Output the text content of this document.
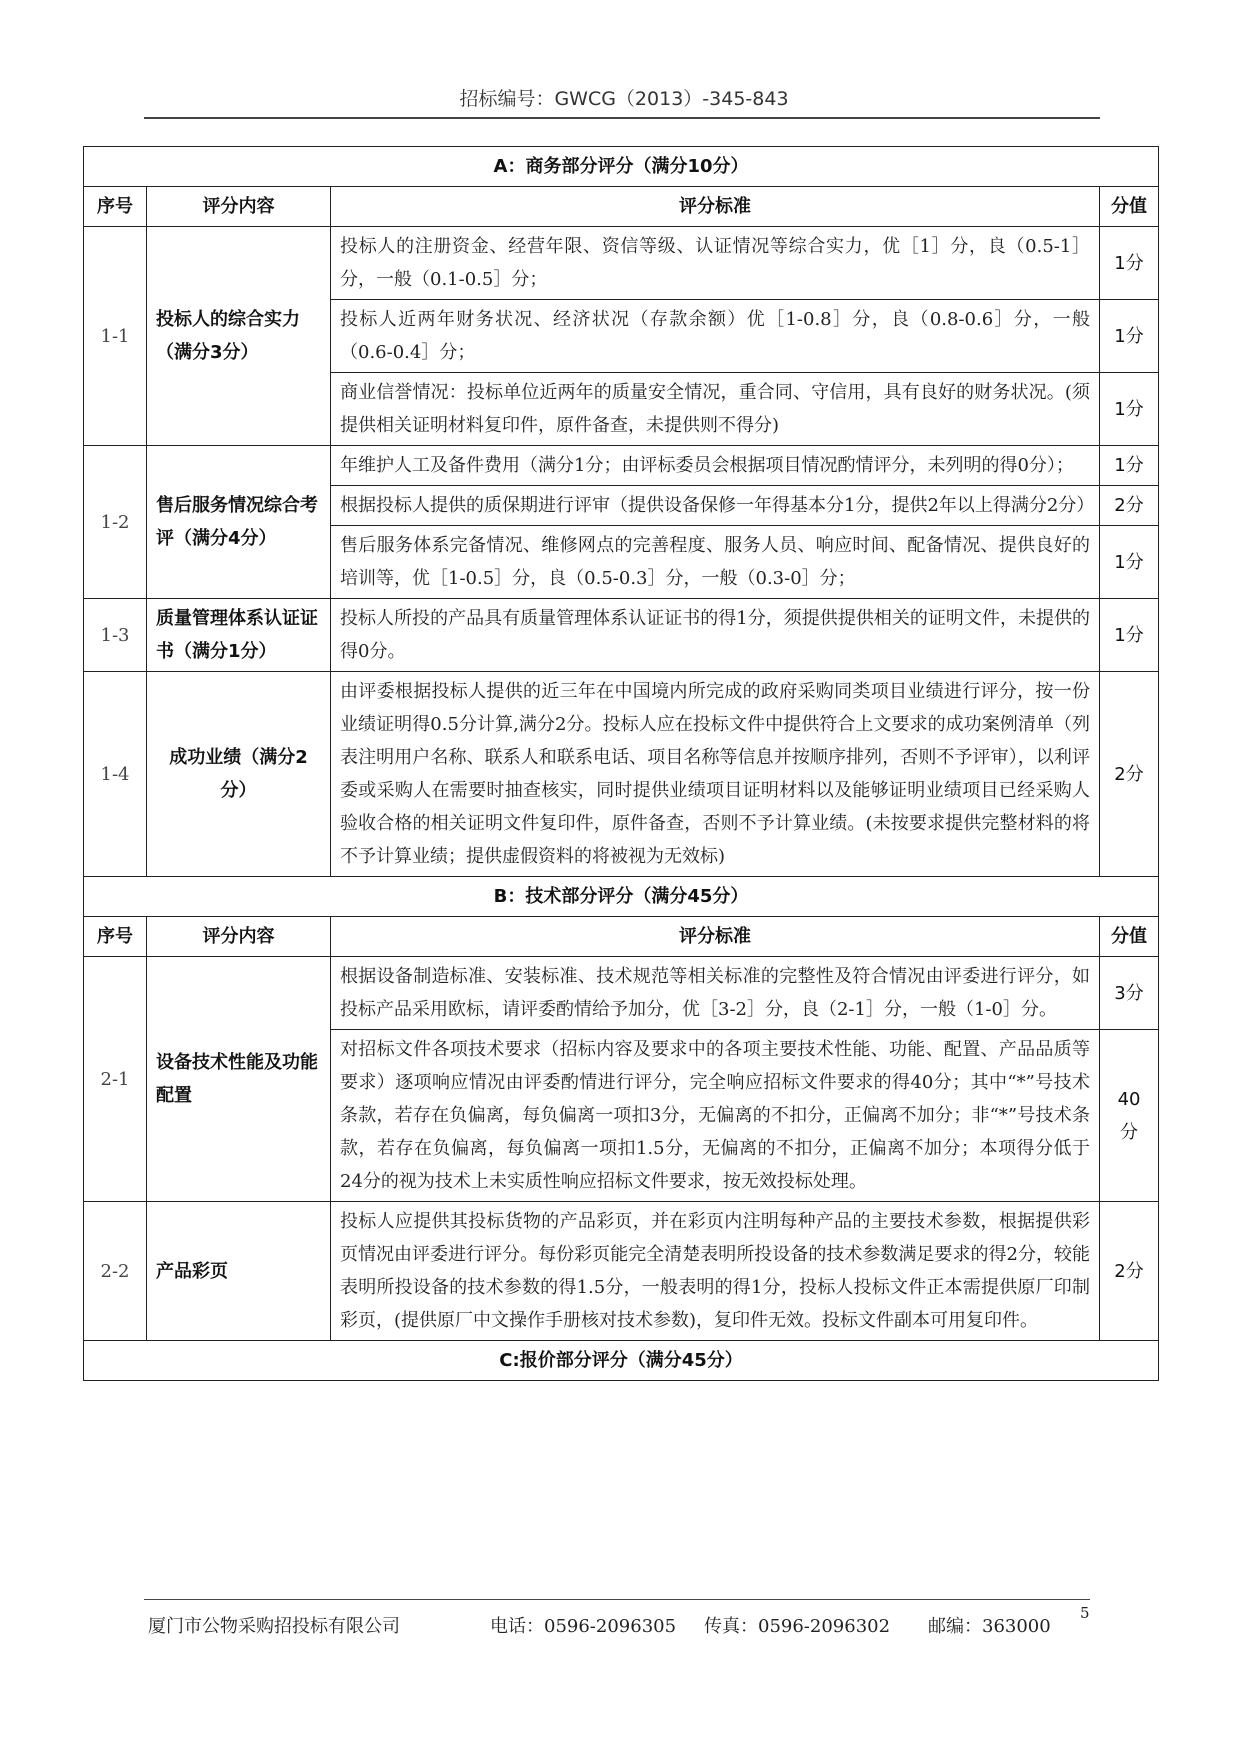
招标编号：GWCG（2013）-345-843
A：商务部分评分（满分10分）			
序号	评分内容	评分标准	分值
1-1	投标人的综合实力（满分3分）	投标人的注册资金、经营年限、资信等级、认证情况等综合实力，优［1］分，良（0.5-1］分，一般（0.1-0.5］分；	1分
		投标人近两年财务状况、经济状况（存款余额）优［1-0.8］分，良（0.8-0.6］分，一般（0.6-0.4］分；	1分
		商业信誉情况：投标单位近两年的质量安全情况，重合同、守信用，具有良好的财务状况。(须提供相关证明材料复印件，原件备查，未提供则不得分)	1分
1-2	售后服务情况综合考评（满分4分）	年维护人工及备件费用（满分1分；由评标委员会根据项目情况酌情评分，未列明的得0分）；	1分
		根据投标人提供的质保期进行评审（提供设备保修一年得基本分1分，提供2年以上得满分2分）	2分
		售后服务体系完备情况、维修网点的完善程度、服务人员、响应时间、配备情况、提供良好的培训等，优［1-0.5］分，良（0.5-0.3］分，一般（0.3-0］分；	1分
1-3	质量管理体系认证证书（满分1分）	投标人所投的产品具有质量管理体系认证证书的得1分，须提供提供相关的证明文件，未提供的得0分。	1分
1-4	成功业绩（满分2分）	由评委根据投标人提供的近三年在中国境内所完成的政府采购同类项目业绩进行评分，按一份业绩证明得0.5分计算,满分2分。投标人应在投标文件中提供符合上文要求的成功案例清单（列表注明用户名称、联系人和联系电话、项目名称等信息并按顺序排列，否则不予评审），以利评委或采购人在需要时抽查核实，同时提供业绩项目证明材料以及能够证明业绩项目已经采购人验收合格的相关证明文件复印件，原件备查，否则不予计算业绩。(未按要求提供完整材料的将不予计算业绩；提供虚假资料的将被视为无效标)	2分
B：技术部分评分（满分45分）			
序号	评分内容	评分标准	分值
2-1	设备技术性能及功能配置	根据设备制造标准、安装标准、技术规范等相关标准的完整性及符合情况由评委进行评分，如投标产品采用欧标，请评委酌情给予加分，优［3-2］分，良（2-1］分，一般（1-0］分。	3分
		对招标文件各项技术要求（招标内容及要求中的各项主要技术性能、功能、配置、产品品质等要求）逐项响应情况由评委酌情进行评分，完全响应招标文件要求的得40分；其中“*”号技术条款，若存在负偏离，每负偏离一项扣3分，无偏离的不扣分，正偏离不加分；非“*”号技术条款，若存在负偏离，每负偏离一项扣1.5分，无偏离的不扣分，正偏离不加分；本项得分低于24分的视为技术上未实质性响应招标文件要求，按无效投标处理。	40分
2-2	产品彩页	投标人应提供其投标货物的产品彩页，并在彩页内注明每种产品的主要技术参数，根据提供彩页情况由评委进行评分。每份彩页能完全清楚表明所投设备的技术参数满足要求的得2分，较能表明所投设备的技术参数的得1.5分，一般表明的得1分，投标人投标文件正本需提供原厂印制彩页，(提供原厂中文操作手册核对技术参数)，复印件无效。投标文件副本可用复印件。	2分
C:报价部分评分（满分45分）			
厦门市公物采购招投标有限公司	电话：0596-2096305 传真：0596-2096302 邮编：363000
5
